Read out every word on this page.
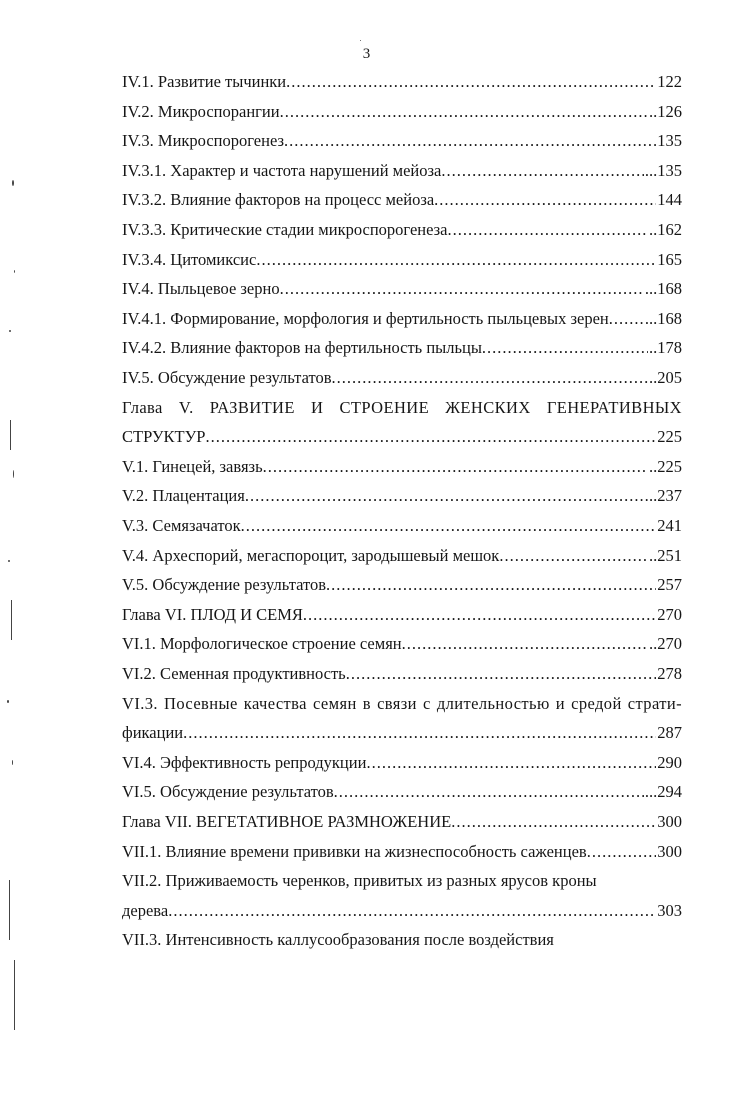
3
IV.1. Развитие тычинки .....	122
IV.2. Микроспорангии .....	..126
IV.3. Микроспорогенез .....	135
IV.3.1. Характер и частота нарушений мейоза .....	...135
IV.3.2. Влияние факторов на процесс мейоза .....	144
IV.3.3. Критические стадии микроспорогенеза .....	..162
IV.3.4. Цитомиксис .....	165
IV.4. Пыльцевое зерно .....	...168
IV.4.1. Формирование, морфология и фертильность пыльцевых зерен ..... ...168
IV.4.2. Влияние факторов на фертильность пыльцы .....	..178
IV.5. Обсуждение результатов .....	..205
Глава V. РАЗВИТИЕ И СТРОЕНИЕ ЖЕНСКИХ ГЕНЕРАТИВНЫХ
СТРУКТУР .....	225
V.1. Гинецей, завязь .....	..225
V.2. Плацентация .....	..237
V.3. Семязачаток .....	241
V.4. Археспорий, мегаспороцит, зародышевый мешок .....	..251
V.5. Обсуждение результатов .....	257
Глава VI. ПЛОД И СЕМЯ .....	270
VI.1. Морфологическое строение семян .....	..270
VI.2. Семенная продуктивность .....	278
VI.3. Посевные качества семян в связи с длительностью и средой страти-
фикации .....	287
VI.4. Эффективность репродукции .....	290
VI.5. Обсуждение результатов .....	...294
Глава VII. ВЕГЕТАТИВНОЕ РАЗМНОЖЕНИЕ .....	300
VII.1. Влияние времени прививки на жизнеспособность саженцев .....	300
VII.2. Приживаемость черенков, привитых из разных ярусов кроны
дерева .....	303
VII.3. Интенсивность каллусообразования после воздействия
